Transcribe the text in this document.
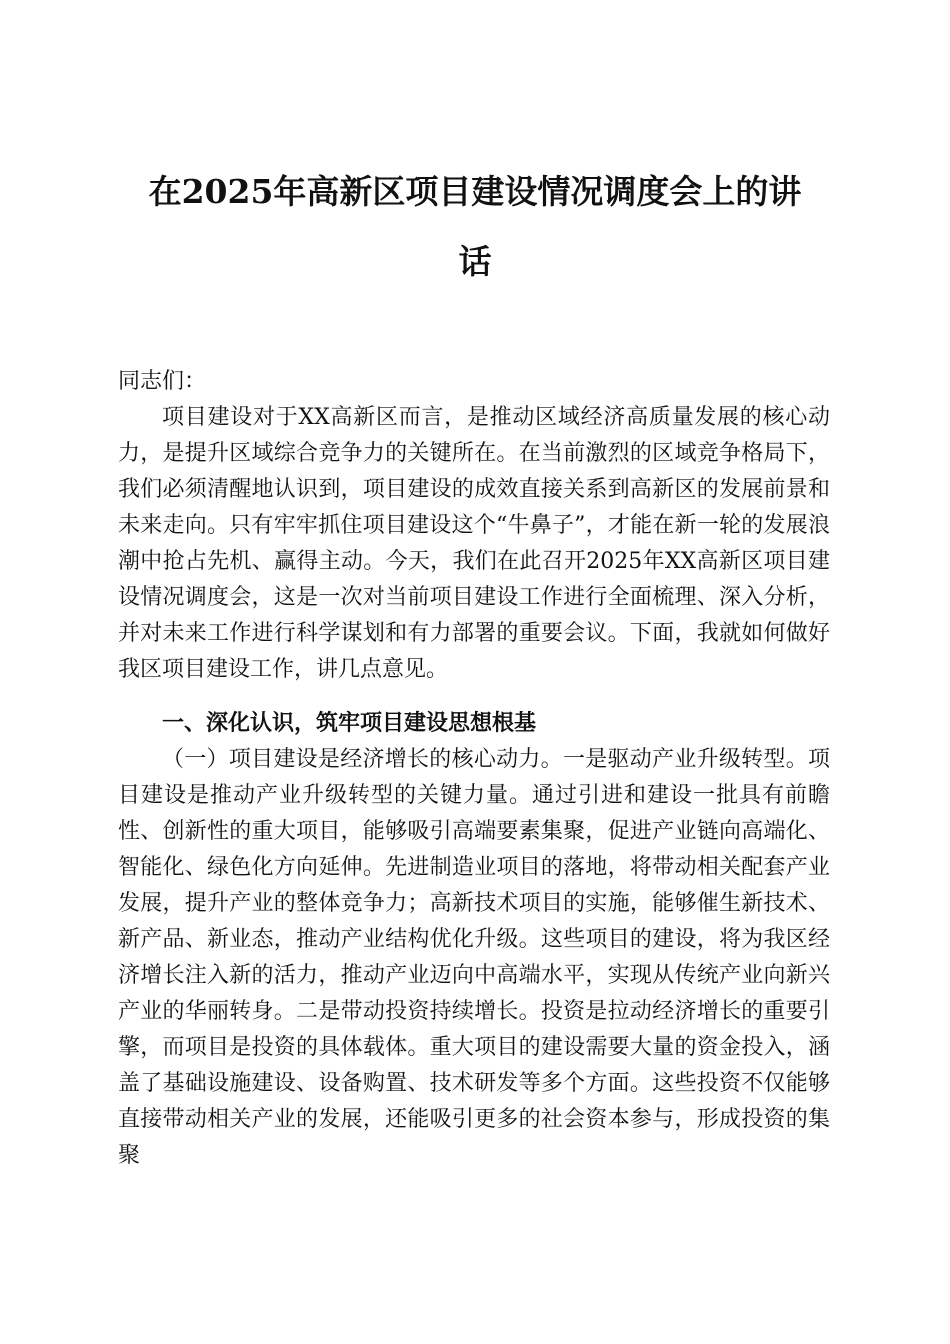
在2025年高新区项目建设情况调度会上的讲
话

同志们：

项目建设对于XX高新区而言，是推动区域经济高质量发展的核心动力，是提升区域综合竞争力的关键所在。在当前激烈的区域竞争格局下，我们必须清醒地认识到，项目建设的成效直接关系到高新区的发展前景和未来走向。只有牢牢抓住项目建设这个“牛鼻子”，才能在新一轮的发展浪潮中抢占先机、赢得主动。今天，我们在此召开2025年XX高新区项目建设情况调度会，这是一次对当前项目建设工作进行全面梳理、深入分析，并对未来工作进行科学谋划和有力部署的重要会议。下面，我就如何做好我区项目建设工作，讲几点意见。

一、深化认识，筑牢项目建设思想根基

（一）项目建设是经济增长的核心动力。一是驱动产业升级转型。项目建设是推动产业升级转型的关键力量。通过引进和建设一批具有前瞻性、创新性的重大项目，能够吸引高端要素集聚，促进产业链向高端化、智能化、绿色化方向延伸。先进制造业项目的落地，将带动相关配套产业发展，提升产业的整体竞争力；高新技术项目的实施，能够催生新技术、新产品、新业态，推动产业结构优化升级。这些项目的建设，将为我区经济增长注入新的活力，推动产业迈向中高端水平，实现从传统产业向新兴产业的华丽转身。二是带动投资持续增长。投资是拉动经济增长的重要引擎，而项目是投资的具体载体。重大项目的建设需要大量的资金投入，涵盖了基础设施建设、设备购置、技术研发等多个方面。这些投资不仅能够直接带动相关产业的发展，还能吸引更多的社会资本参与，形成投资的集聚
